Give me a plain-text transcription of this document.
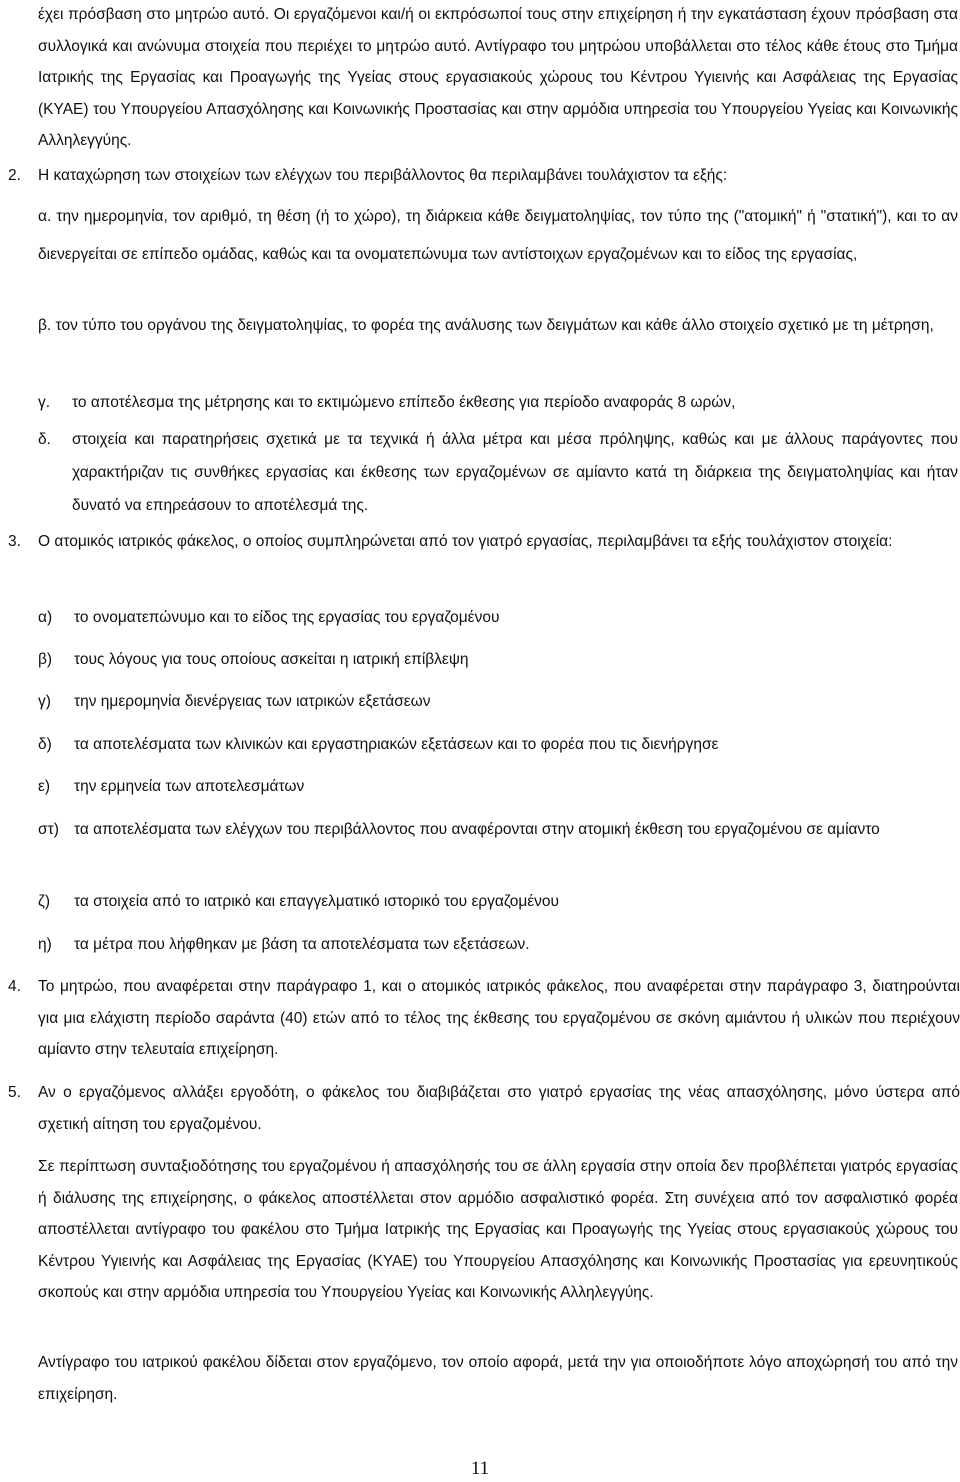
έχει πρόσβαση στο μητρώο αυτό. Οι εργαζόμενοι και/ή οι εκπρόσωποί τους στην επιχείρηση ή την εγκατάσταση έχουν πρόσβαση στα συλλογικά και ανώνυμα στοιχεία που περιέχει το μητρώο αυτό. Αντίγραφο του μητρώου υποβάλλεται στο τέλος κάθε έτους στο Τμήμα Ιατρικής της Εργασίας και Προαγωγής της Υγείας στους εργασιακούς χώρους του Κέντρου Υγιεινής και Ασφάλειας της Εργασίας (ΚΥΑΕ) του Υπουργείου Απασχόλησης και Κοινωνικής Προστασίας και στην αρμόδια υπηρεσία του Υπουργείου Υγείας και Κοινωνικής Αλληλεγγύης.

2. Η καταχώρηση των στοιχείων των ελέγχων του περιβάλλοντος θα περιλαμβάνει τουλάχιστον τα εξής:

α. την ημερομηνία, τον αριθμό, τη θέση (ή το χώρο), τη διάρκεια κάθε δειγματοληψίας, τον τύπο της ("ατομική" ή "στατική"), και το αν διενεργείται σε επίπεδο ομάδας, καθώς και τα ονοματεπώνυμα των αντίστοιχων εργαζομένων και το είδος της εργασίας,

β. τον τύπο του οργάνου της δειγματοληψίας, το φορέα της ανάλυσης των δειγμάτων και κάθε άλλο στοιχείο σχετικό με τη μέτρηση,

γ. το αποτέλεσμα της μέτρησης και το εκτιμώμενο επίπεδο έκθεσης για περίοδο αναφοράς 8 ωρών,

δ. στοιχεία και παρατηρήσεις σχετικά με τα τεχνικά ή άλλα μέτρα και μέσα πρόληψης, καθώς και με άλλους παράγοντες που χαρακτήριζαν τις συνθήκες εργασίας και έκθεσης των εργαζομένων σε αμίαντο κατά τη διάρκεια της δειγματοληψίας και ήταν δυνατό να επηρεάσουν το αποτέλεσμά της.

3. Ο ατομικός ιατρικός φάκελος, ο οποίος συμπληρώνεται από τον γιατρό εργασίας, περιλαμβάνει τα εξής τουλάχιστον στοιχεία:

α) το ονοματεπώνυμο και το είδος της εργασίας του εργαζομένου

β) τους λόγους για τους οποίους ασκείται η ιατρική επίβλεψη

γ) την ημερομηνία διενέργειας των ιατρικών εξετάσεων

δ) τα αποτελέσματα των κλινικών και εργαστηριακών εξετάσεων και το φορέα που τις διενήργησε

ε) την ερμηνεία των αποτελεσμάτων

στ) τα αποτελέσματα των ελέγχων του περιβάλλοντος που αναφέρονται στην ατομική έκθεση του εργαζομένου σε αμίαντο

ζ) τα στοιχεία από το ιατρικό και επαγγελματικό ιστορικό του εργαζομένου

η) τα μέτρα που λήφθηκαν με βάση τα αποτελέσματα των εξετάσεων.

4. Το μητρώο, που αναφέρεται στην παράγραφο 1, και ο ατομικός ιατρικός φάκελος, που αναφέρεται στην παράγραφο 3, διατηρούνται για μια ελάχιστη περίοδο σαράντα (40) ετών από το τέλος της έκθεσης του εργαζομένου σε σκόνη αμιάντου ή υλικών που περιέχουν αμίαντο στην τελευταία επιχείρηση.

5. Αν ο εργαζόμενος αλλάξει εργοδότη, ο φάκελος του διαβιβάζεται στο γιατρό εργασίας της νέας απασχόλησης, μόνο ύστερα από σχετική αίτηση του εργαζομένου.

Σε περίπτωση συνταξιοδότησης του εργαζομένου ή απασχόλησής του σε άλλη εργασία στην οποία δεν προβλέπεται γιατρός εργασίας ή διάλυσης της επιχείρησης, ο φάκελος αποστέλλεται στον αρμόδιο ασφαλιστικό φορέα. Στη συνέχεια από τον ασφαλιστικό φορέα αποστέλλεται αντίγραφο του φακέλου στο Τμήμα Ιατρικής της Εργασίας και Προαγωγής της Υγείας στους εργασιακούς χώρους του Κέντρου Υγιεινής και Ασφάλειας της Εργασίας (ΚΥΑΕ) του Υπουργείου Απασχόλησης και Κοινωνικής Προστασίας για ερευνητικούς σκοπούς και στην αρμόδια υπηρεσία του Υπουργείου Υγείας και Κοινωνικής Αλληλεγγύης.

Αντίγραφο του ιατρικού φακέλου δίδεται στον εργαζόμενο, τον οποίο αφορά, μετά την για οποιοδήποτε λόγο αποχώρησή του από την επιχείρηση.

11
